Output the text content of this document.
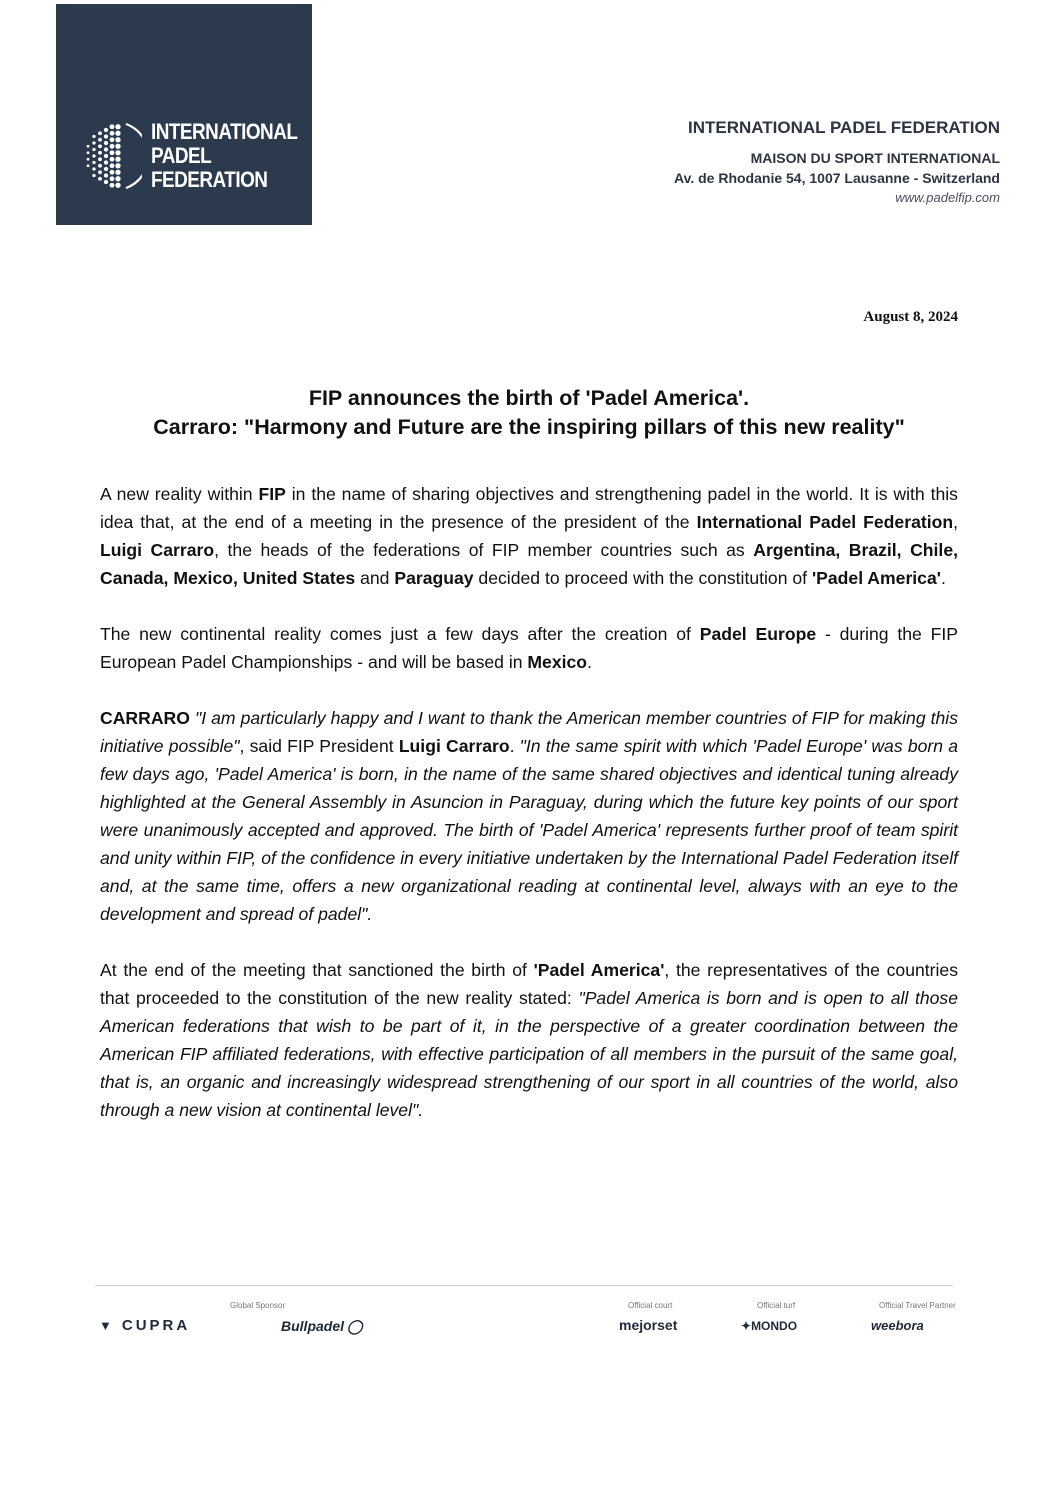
INTERNATIONAL
PADEL
FEDERATION
INTERNATIONAL PADEL FEDERATION
MAISON DU SPORT INTERNATIONAL
Av. de Rhodanie 54, 1007 Lausanne - Switzerland
www.padelfip.com
August 8, 2024
FIP announces the birth of 'Padel America'.
Carraro: "Harmony and Future are the inspiring pillars of this new reality"

A new reality within FIP in the name of sharing objectives and strengthening padel in the world. It is with this idea that, at the end of a meeting in the presence of the president of the International Padel Federation, Luigi Carraro, the heads of the federations of FIP member countries such as Argentina, Brazil, Chile, Canada, Mexico, United States and Paraguay decided to proceed with the constitution of 'Padel America'.

The new continental reality comes just a few days after the creation of Padel Europe - during the FIP European Padel Championships - and will be based in Mexico.

CARRARO "I am particularly happy and I want to thank the American member countries of FIP for making this initiative possible", said FIP President Luigi Carraro. "In the same spirit with which 'Padel Europe' was born a few days ago, 'Padel America' is born, in the name of the same shared objectives and identical tuning already highlighted at the General Assembly in Asuncion in Paraguay, during which the future key points of our sport were unanimously accepted and approved. The birth of 'Padel America' represents further proof of team spirit and unity within FIP, of the confidence in every initiative undertaken by the International Padel Federation itself and, at the same time, offers a new organizational reading at continental level, always with an eye to the development and spread of padel".

At the end of the meeting that sanctioned the birth of 'Padel America', the representatives of the countries that proceeded to the constitution of the new reality stated: "Padel America is born and is open to all those American federations that wish to be part of it, in the perspective of a greater coordination between the American FIP affiliated federations, with effective participation of all members in the pursuit of the same goal, that is, an organic and increasingly widespread strengthening of our sport in all countries of the world, also through a new vision at continental level".

Global Sponsor	Official court	Official turf	Official Travel Partner
▼ CUPRA	Bullpadel ◯	mejorset	✦MONDO	weebora
